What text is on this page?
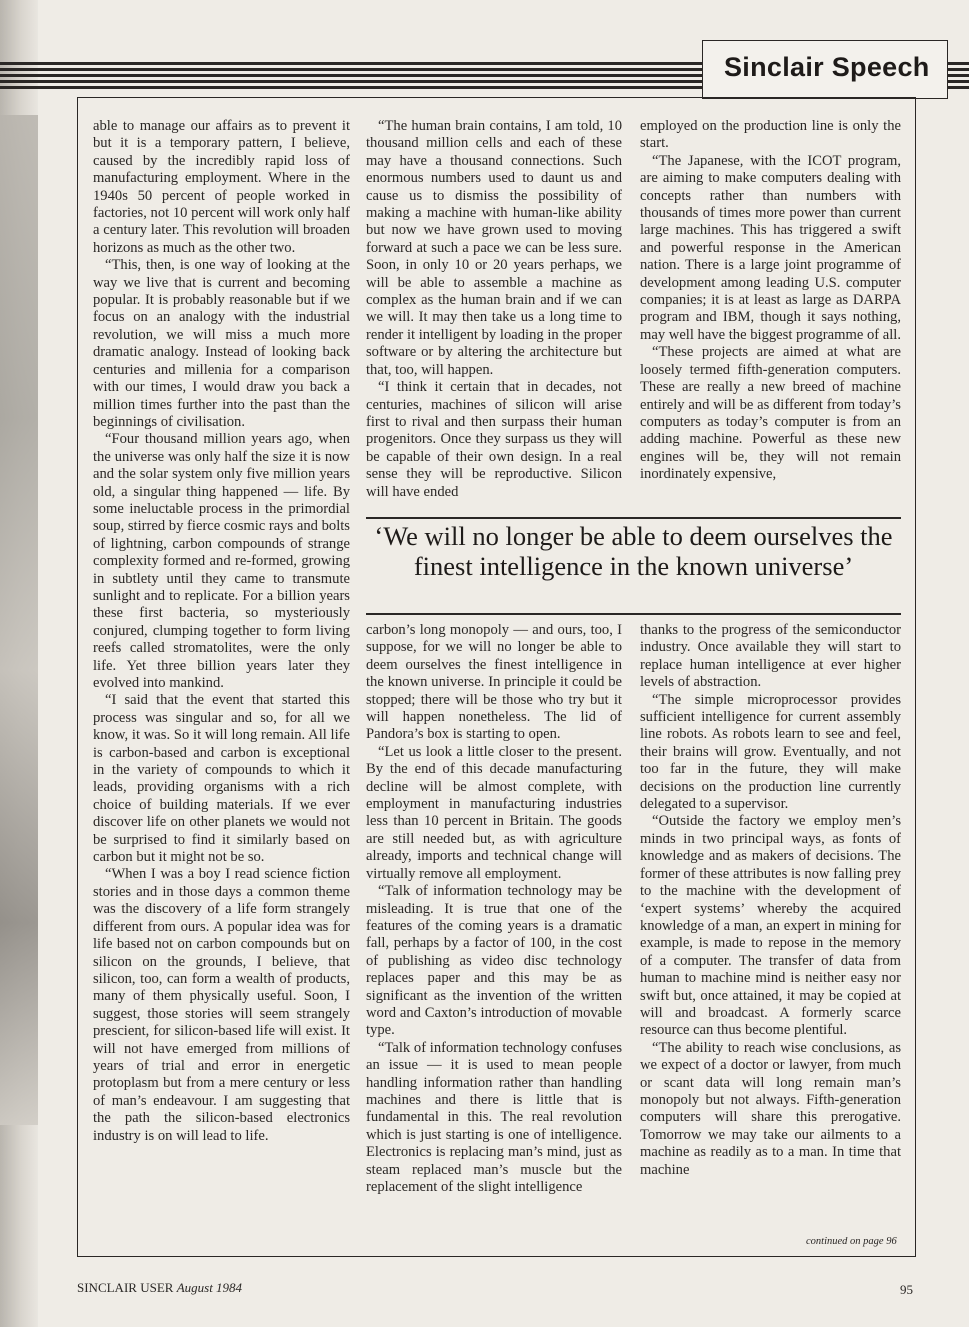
Sinclair Speech

able to manage our affairs as to prevent it but it is a temporary pattern, I believe, caused by the incredibly rapid loss of manufacturing employment. Where in the 1940s 50 percent of people worked in factories, not 10 percent will work only half a century later. This revolution will broaden horizons as much as the other two.

“This, then, is one way of looking at the way we live that is current and becoming popular. It is probably reasonable but if we focus on an analogy with the industrial revolution, we will miss a much more dramatic analogy. Instead of looking back centuries and millenia for a comparison with our times, I would draw you back a million times further into the past than the beginnings of civilisation.

“Four thousand million years ago, when the universe was only half the size it is now and the solar system only five million years old, a singular thing happened — life. By some ineluctable process in the primordial soup, stirred by fierce cosmic rays and bolts of lightning, carbon compounds of strange complexity formed and re-formed, growing in subtlety until they came to transmute sunlight and to replicate. For a billion years these first bacteria, so mysteriously conjured, clumping together to form living reefs called stromatolites, were the only life. Yet three billion years later they evolved into mankind.

“I said that the event that started this process was singular and so, for all we know, it was. So it will long remain. All life is carbon-based and carbon is exceptional in the variety of compounds to which it leads, providing organisms with a rich choice of building materials. If we ever discover life on other planets we would not be surprised to find it similarly based on carbon but it might not be so.

“When I was a boy I read science fiction stories and in those days a common theme was the discovery of a life form strangely different from ours. A popular idea was for life based not on carbon compounds but on silicon on the grounds, I believe, that silicon, too, can form a wealth of products, many of them physically useful. Soon, I suggest, those stories will seem strangely prescient, for silicon-based life will exist. It will not have emerged from millions of years of trial and error in energetic protoplasm but from a mere century or less of man’s endeavour. I am suggesting that the path the silicon-based electronics industry is on will lead to life.

“The human brain contains, I am told, 10 thousand million cells and each of these may have a thousand connections. Such enormous numbers used to daunt us and cause us to dismiss the possibility of making a machine with human-like ability but now we have grown used to moving forward at such a pace we can be less sure. Soon, in only 10 or 20 years perhaps, we will be able to assemble a machine as complex as the human brain and if we can we will. It may then take us a long time to render it intelligent by loading in the proper software or by altering the architecture but that, too, will happen.

“I think it certain that in decades, not centuries, machines of silicon will arise first to rival and then surpass their human progenitors. Once they surpass us they will be capable of their own design. In a real sense they will be reproductive. Silicon will have ended

employed on the production line is only the start.

“The Japanese, with the ICOT program, are aiming to make computers dealing with concepts rather than numbers with thousands of times more power than current large machines. This has triggered a swift and powerful response in the American nation. There is a large joint programme of development among leading U.S. computer companies; it is at least as large as DARPA program and IBM, though it says nothing, may well have the biggest programme of all.

“These projects are aimed at what are loosely termed fifth-generation computers. These are really a new breed of machine entirely and will be as different from today’s computers as today’s computer is from an adding machine. Powerful as these new engines will be, they will not remain inordinately expensive,

‘We will no longer be able to deem ourselves the finest intelligence in the known universe’

carbon’s long monopoly — and ours, too, I suppose, for we will no longer be able to deem ourselves the finest intelligence in the known universe. In principle it could be stopped; there will be those who try but it will happen nonetheless. The lid of Pandora’s box is starting to open.

“Let us look a little closer to the present. By the end of this decade manufacturing decline will be almost complete, with employment in manufacturing industries less than 10 percent in Britain. The goods are still needed but, as with agriculture already, imports and technical change will virtually remove all employment.

“Talk of information technology may be misleading. It is true that one of the features of the coming years is a dramatic fall, perhaps by a factor of 100, in the cost of publishing as video disc technology replaces paper and this may be as significant as the invention of the written word and Caxton’s introduction of movable type.

“Talk of information technology confuses an issue — it is used to mean people handling information rather than handling machines and there is little that is fundamental in this. The real revolution which is just starting is one of intelligence. Electronics is replacing man’s mind, just as steam replaced man’s muscle but the replacement of the slight intelligence

thanks to the progress of the semiconductor industry. Once available they will start to replace human intelligence at ever higher levels of abstraction.

“The simple microprocessor provides sufficient intelligence for current assembly line robots. As robots learn to see and feel, their brains will grow. Eventually, and not too far in the future, they will make decisions on the production line currently delegated to a supervisor.

“Outside the factory we employ men’s minds in two principal ways, as fonts of knowledge and as makers of decisions. The former of these attributes is now falling prey to the machine with the development of ‘expert systems’ whereby the acquired knowledge of a man, an expert in mining for example, is made to repose in the memory of a computer. The transfer of data from human to machine mind is neither easy nor swift but, once attained, it may be copied at will and broadcast. A formerly scarce resource can thus become plentiful.

“The ability to reach wise conclusions, as we expect of a doctor or lawyer, from much or scant data will long remain man’s monopoly but not always. Fifth-generation computers will share this prerogative. Tomorrow we may take our ailments to a machine as readily as to a man. In time that machine

continued on page 96
SINCLAIR USER August 1984	95
